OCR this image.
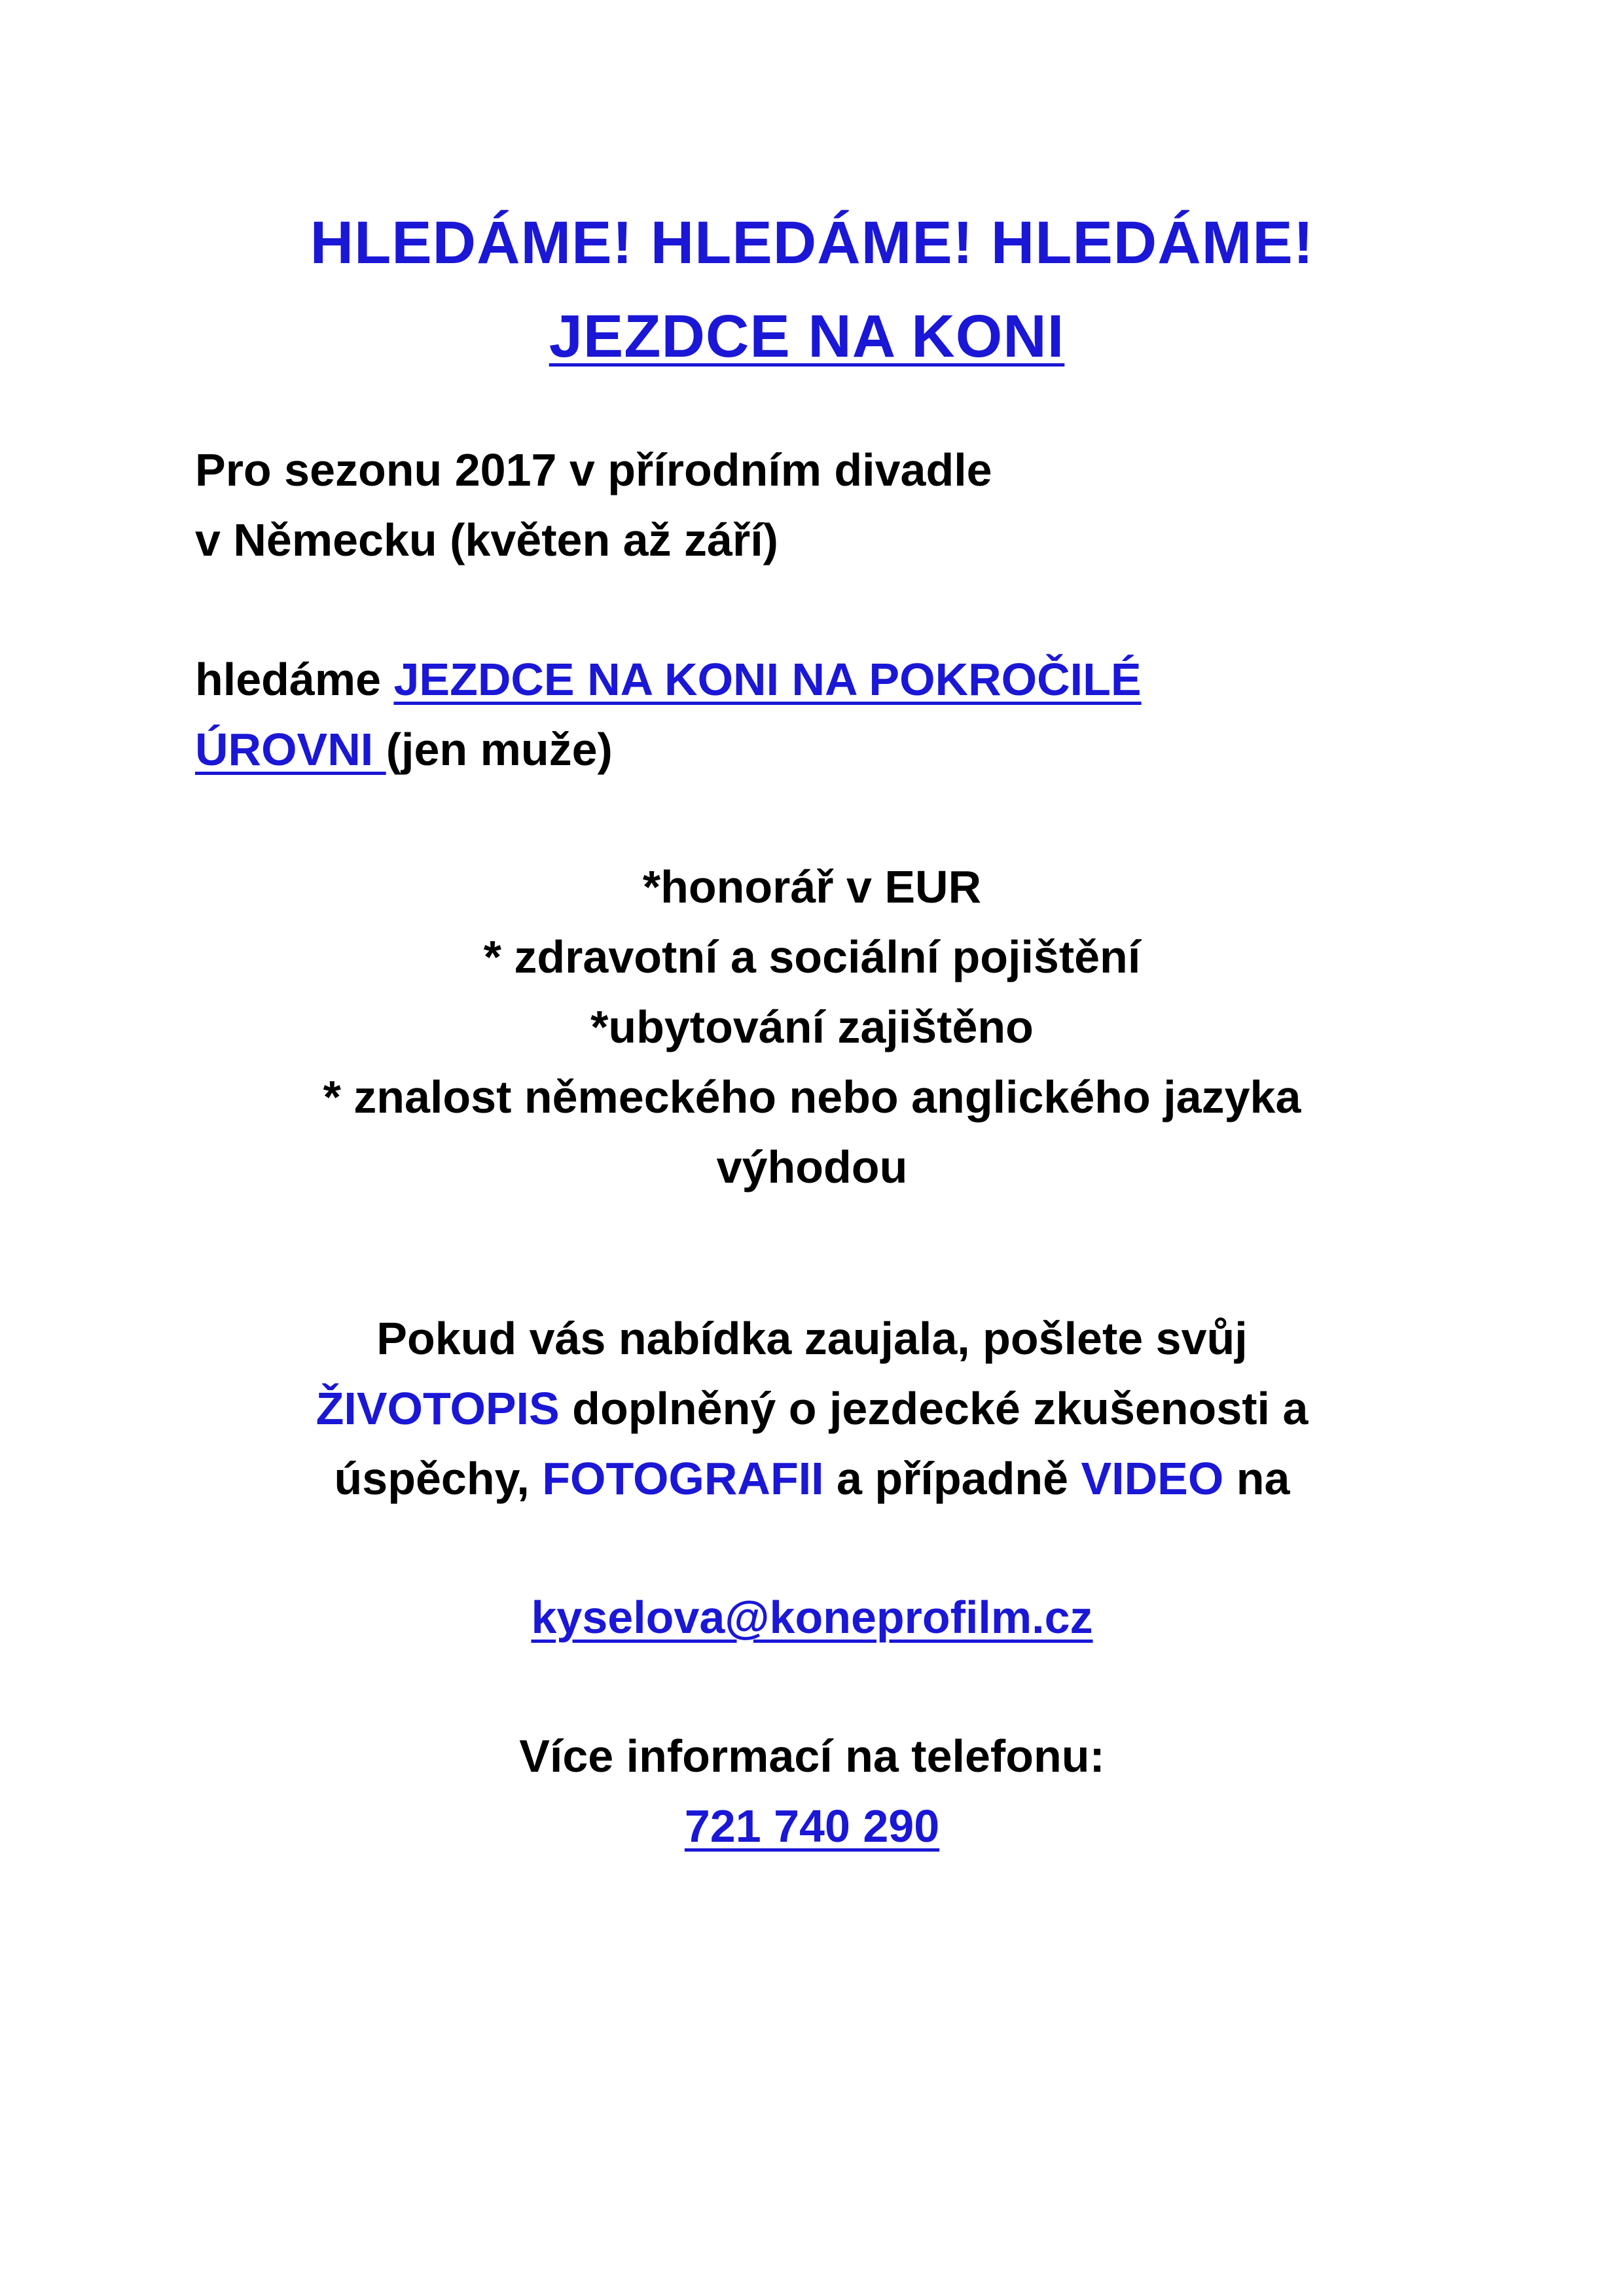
HLEDÁME! HLEDÁME! HLEDÁME!
JEZDCE NA KONI
Pro sezonu 2017 v přírodním divadle
v Německu (květen až září)
hledáme JEZDCE NA KONI NA POKROČILÉ
ÚROVNI (jen muže)
*honorář v EUR
* zdravotní a sociální pojištění
*ubytování zajištěno
* znalost německého nebo anglického jazyka
výhodou
Pokud vás nabídka zaujala, pošlete svůj
ŽIVOTOPIS doplněný o jezdecké zkušenosti a
úspěchy, FOTOGRAFII a případně VIDEO na
kyselova@koneprofilm.cz
Více informací na telefonu:
721 740 290
